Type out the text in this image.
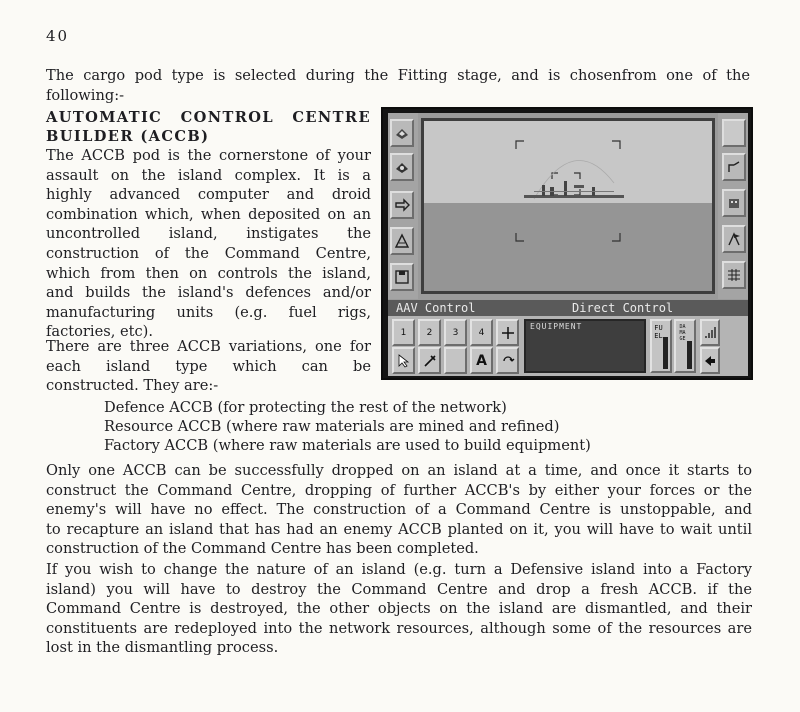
40
The cargo pod type is selected during the Fitting stage, and is chosenfrom one of the
following:-
AUTOMATIC CONTROL CENTRE
BUILDER (ACCB)
The ACCB pod is the cornerstone of your
assault on the island complex. It is a
highly advanced computer and droid
combination which, when deposited on an
uncontrolled island, instigates the
construction of the Command Centre,
which from then on controls the island,
and builds the island's defences and/or
manufacturing units (e.g. fuel rigs,
factories, etc).
There are three ACCB variations, one for
each island type which can be
constructed. They are:-
Defence ACCB (for protecting the rest of the network)
Resource ACCB (where raw materials are mined and refined)
Factory ACCB (where raw materials are used to build equipment)
Only one ACCB can be successfully dropped on an island at a time, and once it starts to
construct the Command Centre, dropping of further ACCB's by either your forces or the
enemy's will have no effect. The construction of a Command Centre is unstoppable, and
to recapture an island that has had an enemy ACCB planted on it, you will have to wait until
construction of the Command Centre has been completed.
If you wish to change the nature of an island (e.g. turn a Defensive island into a Factory
island) you will have to destroy the Command Centre and drop a fresh ACCB. if the
Command Centre is destroyed, the other objects on the island are dismantled, and their
constituents are redeployed into the network resources, although some of the resources are
lost in the dismantling process.
AAV Control	Direct Control
1 2 3 4
A
EQUIPMENT	FUEL
DAMAGE
